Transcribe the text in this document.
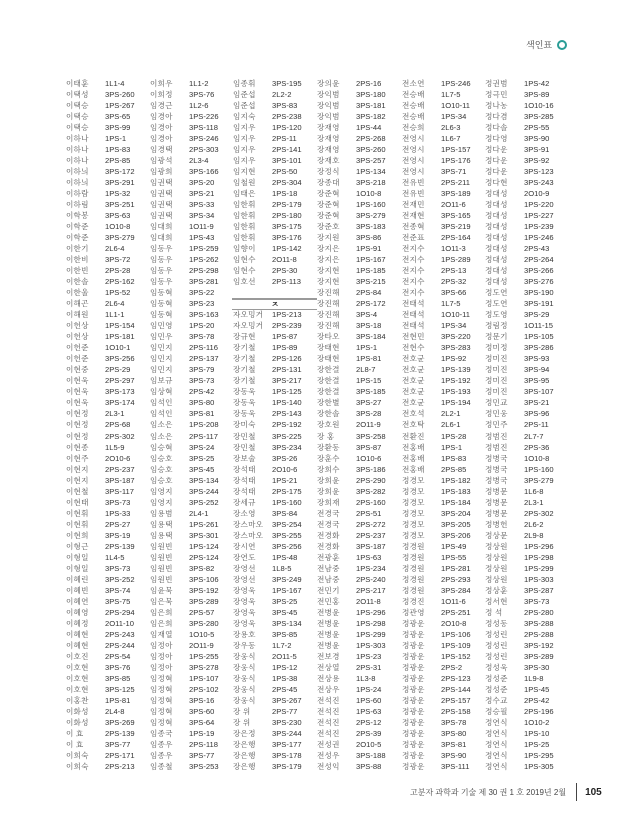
색인표
이태훈 1L1-4
이택성 3PS-260
이택승 1PS-267
이택승 3PS-65
이택승 3PS-99
이하나 1PS-1
이하나 1PS-83
이하나 2PS-85
이하늬 3PS-172
이하늬 3PS-291
이하람 1PS-32
이하림 3PS-251
이학봉 3PS-63
이학준 1O10-8
이학준 3PS-279
이한기 2L6-4
이한비 3PS-72
이한빈 2PS-28
이한솔 2PS-162
이한울 1PS-52
이해곤 2L6-4
이해원 1L1-1
이헌상 1PS-154
이헌상 1PS-181
이헌준 1O10-1
이헌준 3PS-256
이현중 2PS-29
이현욱 2PS-297
이현욱 3PS-173
이현욱 3PS-174
이현정 2L3-1
이현정 2PS-68
이현정 2PS-302
이현종 1L5-9
이현주 2O10-6
이현지 2PS-237
이현지 3PS-187
이현철 3PS-117
이현태 3PS-73
이현휘 1PS-33
이현휘 2PS-27
이현희 3PS-19
이형근 2PS-139
이형일 1L4-5
이형일 3PS-73
이혜린 3PS-252
이혜빈 3PS-74
이혜연 3PS-75
이혜영 2PS-294
이혜정 2O11-10
이혜현 2PS-243
이혜현 2PS-244
이호진 2PS-54
이호현 3PS-76
이호현 3PS-85
이호현 3PS-125
이홍찬 1PS-81
이화성 2L4-8
이화성 3PS-269
이 효	2PS-139
이 효	3PS-77
이희숙 2PS-171
이희숙 2PS-213
이희우 1L1-2
이희정 3PS-76
임경근 1L2-6
임경아 1PS-226
임경아 3PS-118
임경아 3PS-246
임경택 2PS-303
임광석 2L3-4
임광희 3PS-166
임권택 3PS-20
임권택 3PS-21
임권택 3PS-33
임권택 3PS-34
임대희 1O11-9
임대희 1PS-43
임동우 1PS-259
임동우 1PS-262
임동우 2PS-298
임동우 3PS-281
임동혁 3PS-22
임동혁 3PS-23
임동혁 3PS-163
임민영 1PS-20
임민우 3PS-78
임민지 2PS-116
임민지 2PS-137
임민지 3PS-79
임보규 3PS-73
임상혁 2PS-42
임석인 3PS-80
임석인 3PS-81
임소은 1PS-208
임소은 2PS-117
임승혁 3PS-24
임승호 3PS-25
임승호 3PS-45
임승호 3PS-134
임영지 3PS-244
임영지 3PS-252
임용범 2L4-1
임용택 1PS-261
임용택 3PS-301
임원빈 1PS-124
임원빈 2PS-124
임원빈 3PS-82
임원빈 3PS-106
임윤묵 3PS-192
임은묵 3PS-289
임은희 2PS-57
임은희 3PS-280
임재열 1O10-5
임정아 2O11-9
임정아 1PS-255
임정아 3PS-278
임정혁 1PS-107
임정혁 2PS-102
임정혁 3PS-16
임정혁 3PS-60
임정혁 3PS-64
임종국 1PS-19
임종우 2PS-118
임종우 3PS-77
임종철 3PS-253
임종휘 3PS-195
임준섭 2L2-2
임준섭 3PS-83
임지숙 2PS-238
임지우 1PS-120
임지우 2PS-11
임지우 2PS-141
임지우 3PS-101
임지현 2PS-50
임철원 2PS-304
임태은 1PS-18
임한휘 2PS-179
임한휘 2PS-180
임한휘 3PS-175
임한휘 3PS-176
임향이 1PS-142
임현수 2O11-8
임현수 2PS-30
임호선 2PS-113
ㅈ
자오밍거 1PS-213
자오밍거 2PS-239
장규현 1PS-87
장기철 1PS-89
장기철 2PS-126
장기철 2PS-131
장기철 3PS-217
장동욱 1PS-125
장동욱 1PS-140
장동욱 2PS-143
장미숙 2PS-192
장민철 3PS-225
장민철 3PS-234
장보술 3PS-26
장석태 2O10-6
장석태 1PS-21
장석태 2PS-175
장세규 1PS-160
장소영 3PS-84
장스마오 3PS-254
장스마오 3PS-255
장시연 3PS-256
장연도 1PS-48
장영선 1L8-5
장영선 3PS-249
장영욱 1PS-167
장영욱 3PS-25
장영욱 3PS-45
장영욱 3PS-134
장용호 3PS-85
장우동 1L7-2
장웅식 2O11-5
장웅식 1PS-12
장웅식 1PS-38
장웅식 2PS-45
장웅식 3PS-267
장 위	2PS-77
장 위	3PS-230
장은정 3PS-244
장은행 3PS-177
장은행 3PS-178
장은행 3PS-179
장의윤 2PS-16
장익범 3PS-180
장익범 3PS-181
장익범 3PS-182
장재영 1PS-44
장재영 2PS-268
장재영 3PS-260
장재호 3PS-257
장정식 1PS-134
장종대 3PS-218
장준혁 1O10-8
장준혁 1PS-160
장준혁 3PS-279
장준호 3PS-183
장지원 3PS-86
장지은 1PS-91
장지은 1PS-167
장지현 1PS-185
장지현 3PS-215
장진해 2PS-84
장진해 2PS-172
장진해 3PS-4
장진해 3PS-18
장타오 3PS-184
장태현 1PS-1
장태현 1PS-81
장한결 2L8-7
장한결 1PS-15
장한결 3PS-185
장한별 3PS-27
장한솔 3PS-28
장호원 2O11-9
장 홍	3PS-258
장환동 3PS-87
장훈수 1O10-6
장희수 3PS-186
장희윤 2PS-290
장희윤 3PS-282
장희재 2PS-160
전경국 2PS-51
전경국 2PS-272
전경화 2PS-237
전경화 3PS-187
전광훈 1PS-63
전남중 1PS-234
전남중 2PS-240
전민기 2PS-217
전민홍 2O11-8
전병윤 1PS-296
전병윤 1PS-298
전병윤 1PS-299
전병윤 1PS-303
전보경 1PS-23
전상열 2PS-31
전상용 1L3-8
전상우 1PS-24
전석진 1PS-60
전석진 1PS-63
전석진 2PS-12
전석진 2PS-39
전성권 2O10-5
전성우 3PS-188
전성익 3PS-88
전소연 1PS-246
전승배 1L7-5
전승배 1O10-11
전승배 1PS-34
전승희 2L6-3
전영시 1L6-7
전영시 1PS-157
전영시 1PS-176
전영시 3PS-71
전유빈 2PS-211
전유빈 3PS-189
전재민 2O11-6
전재현 3PS-165
전종혁 3PS-219
전준표 2PS-164
전지수 1O11-3
전지수 1PS-289
전지수 2PS-13
전지수 2PS-32
전지수 3PS-66
전태석 1L7-5
전태석 1O10-11
전태석 1PS-34
전현민 3PS-220
전현수 3PS-283
전호균 1PS-92
전호균 1PS-139
전호균 1PS-192
전호균 1PS-193
전호균 1PS-194
전호석 2L2-1
전호탁 2L6-1
전환진 1PS-28
전홍배 1PS-1
전홍배 1PS-83
전홍배 2PS-85
정경모 1PS-182
정경모 1PS-183
정경모 1PS-184
정경모 3PS-204
정경모 3PS-205
정경모 3PS-206
정경원 1PS-49
정경원 1PS-55
정경원 1PS-281
정경원 2PS-293
정경원 3PS-284
정경진 1O11-6
정관영 2PS-251
정광운 2O10-8
정광운 1PS-106
정광운 1PS-109
정광운 1PS-152
정광운 2PS-2
정광운 2PS-123
정광운 2PS-144
정광운 2PS-157
정광운 2PS-158
정광운 3PS-78
정광운 3PS-80
정광운 3PS-81
정광운 3PS-90
정광운 3PS-111
정권범 1PS-42
정극민 3PS-89
정나농 1O10-16
정다겸 3PS-285
정다솔 2PS-55
정다영 3PS-90
정다운 3PS-91
정다운 3PS-92
정다운 3PS-123
정다현 3PS-243
정대성 2O10-9
정대성 1PS-220
정대성 1PS-227
정대성 1PS-239
정대성 1PS-246
정대성 2PS-43
정대성 2PS-264
정대성 3PS-266
정대성 3PS-276
정도연 3PS-190
정도연 3PS-191
정도영 3PS-29
정림정 1O11-15
정문기 1PS-105
정미정 3PS-286
정미진 3PS-93
정미진 3PS-94
정미진 3PS-95
정미진 3PS-107
정민교 3PS-21
정민웅 3PS-96
정민주 2PS-11
정범진 2L7-7
정범진 2PS-36
정병국 1O10-8
정병국 1PS-160
정병국 3PS-279
정병문 1L6-8
정병문 2L3-1
정병문 2PS-302
정병헌 2L6-2
정상문 2L9-8
정상원 1PS-296
정상원 1PS-298
정상원 1PS-299
정상원 1PS-303
정상훈 3PS-287
정서현 3PS-73
정 석	2PS-280
정성동 3PS-288
정성린 2PS-288
정성린 3PS-192
정성린 3PS-289
정성욱 3PS-30
정성준 1L9-8
정성준 1PS-45
정수교 2PS-42
정승필 2PS-196
정연식 1O10-2
정연식 1PS-10
정연식 1PS-25
정연식 1PS-295
정연식 1PS-305
고분자 과학과 기술 제 30 권 1 호 2019년 2월 105
